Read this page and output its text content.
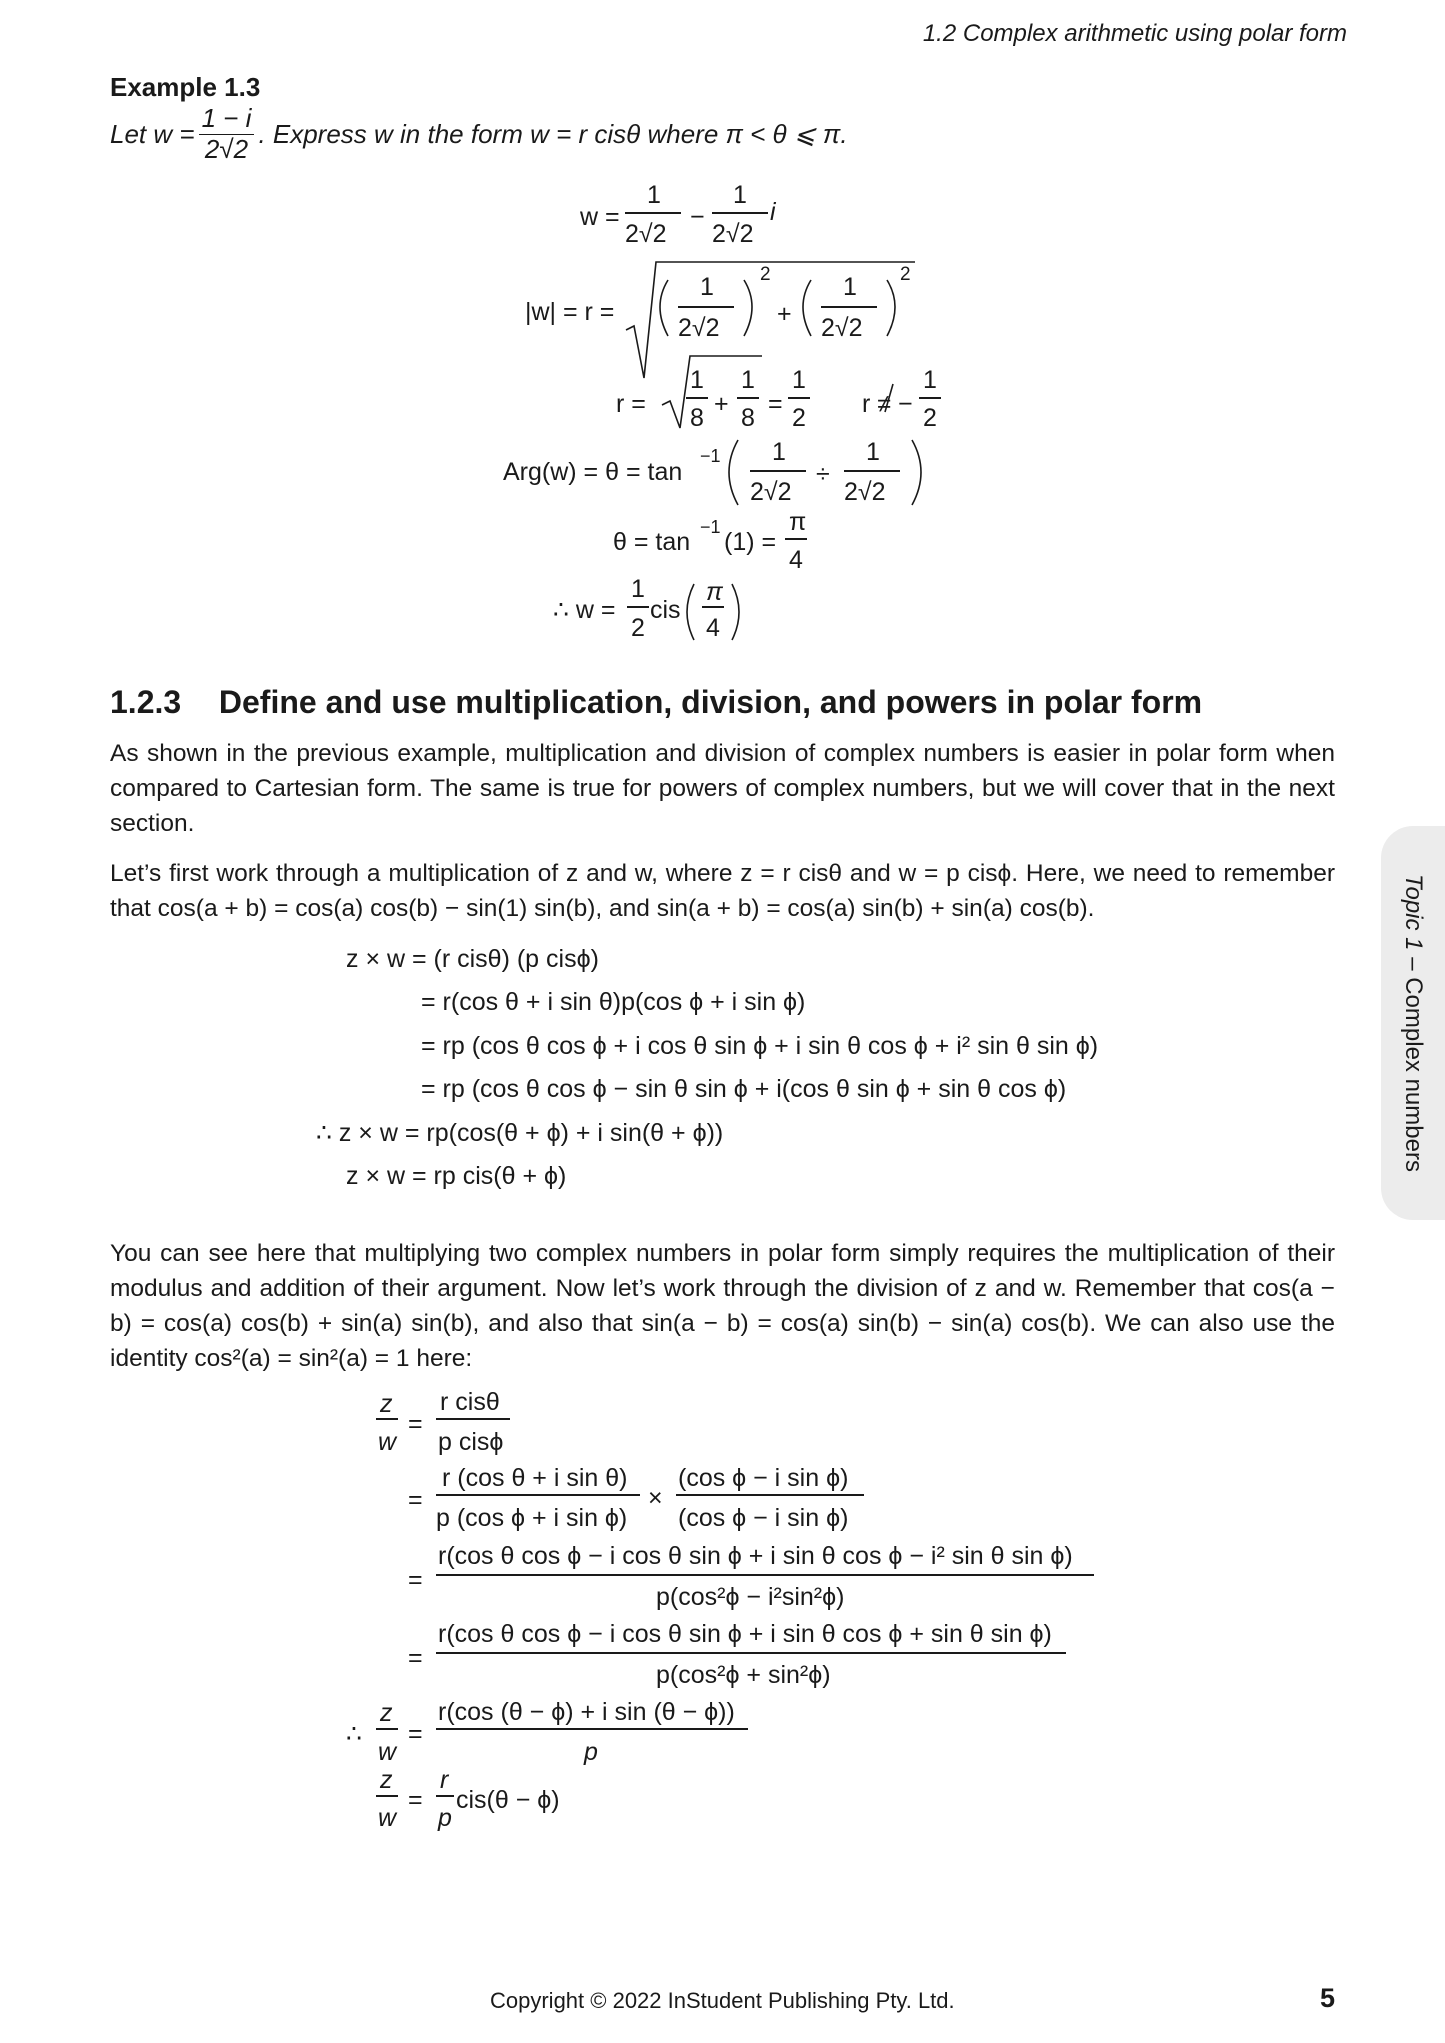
1.2 Complex arithmetic using polar form
Example 1.3
Let $w = \frac{1 - i}{2√2}$ . Express w in the form w = r cisθ where π < θ ⩽ π.
w =
1
2√2
−
1
2√2
i
|w| = r =
1
2√2
2
+
1
2√2
2
r =
1
8 +
1
8 =
1
2 r ≠ −
1
2
Arg(w) = θ = tan
−1 1
2√2
÷
1
2√2
θ = tan
−1
(1) =
π
4
∴ w =
1
2
cis
π
4
1.2.3 Define and use multiplication, division, and powers in polar form
As shown in the previous example, multiplication and division of complex numbers is easier in polar form when compared to Cartesian form. The same is true for powers of complex numbers, but we will cover that in the next section.
Let’s first work through a multiplication of z and w, where z = r cisθ and w = p cisϕ. Here, we need to remember that cos(a + b) = cos(a) cos(b) − sin(1) sin(b), and sin(a + b) = cos(a) sin(b) + sin(a) cos(b).
z × w = (r cisθ) (p cisϕ)
= r(cos θ + i sin θ)p(cos ϕ + i sin ϕ)
= rp (cos θ cos ϕ + i cos θ sin ϕ + i sin θ cos ϕ + i² sin θ sin ϕ)
= rp (cos θ cos ϕ − sin θ sin ϕ + i(cos θ sin ϕ + sin θ cos ϕ)
∴ z × w = rp(cos(θ + ϕ) + i sin(θ + ϕ))
z × w = rp cis(θ + ϕ)
You can see here that multiplying two complex numbers in polar form simply requires the multiplication of their modulus and addition of their argument. Now let’s work through the division of z and w. Remember that cos(a − b) = cos(a) cos(b) + sin(a) sin(b), and also that sin(a − b) = cos(a) sin(b) − sin(a) cos(b). We can also use the identity cos²(a) = sin²(a) = 1 here:
z
w
=
r cisθ
p cisϕ
=
r (cos θ + i sin θ)
p (cos ϕ + i sin ϕ)
×
(cos ϕ − i sin ϕ)
(cos ϕ − i sin ϕ)
=
r(cos θ cos ϕ − i cos θ sin ϕ + i sin θ cos ϕ − i² sin θ sin ϕ)
p(cos²ϕ − i²sin²ϕ)
=
r(cos θ cos ϕ − i cos θ sin ϕ + i sin θ cos ϕ + sin θ sin ϕ)
p(cos²ϕ + sin²ϕ)
∴
z
w
=
r(cos (θ − ϕ) + i sin (θ − ϕ))
p
z
w
=
r
p
cis(θ − ϕ)
Topic 1 – Complex numbers
Copyright © 2022 InStudent Publishing Pty. Ltd.	5
